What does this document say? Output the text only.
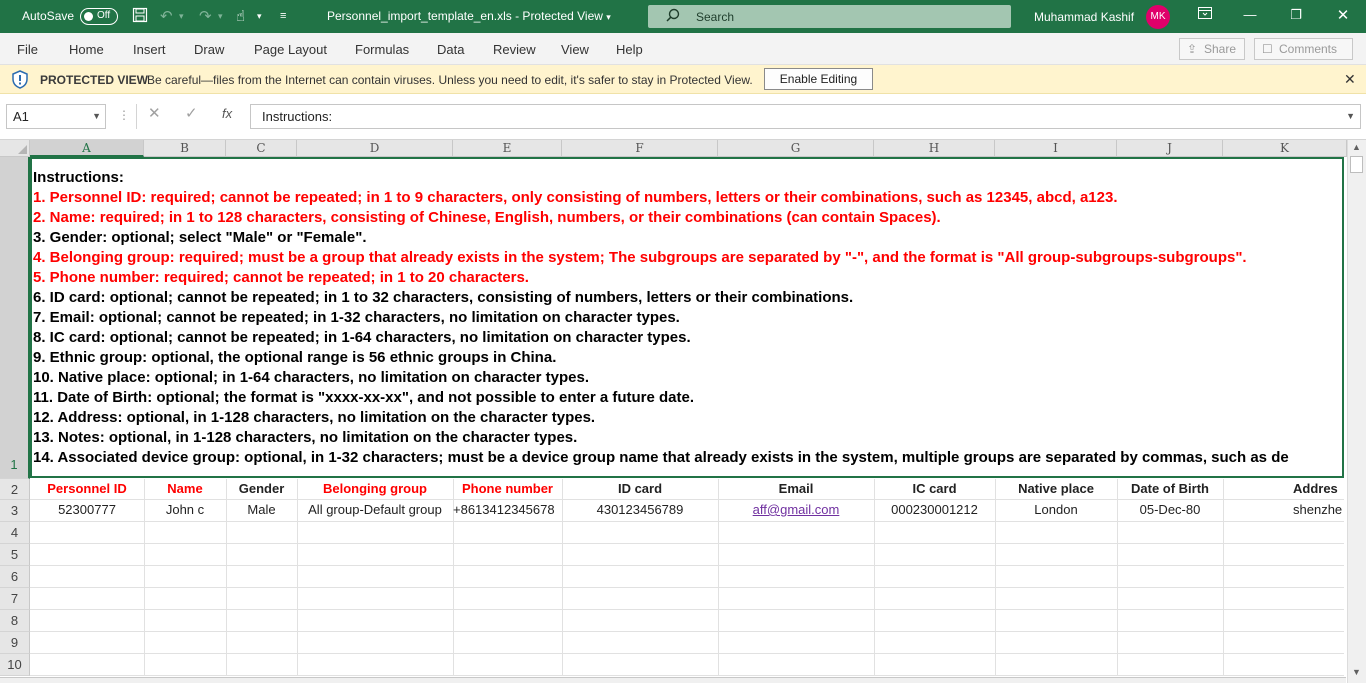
AutoSave Off	↶ ▾ ↷ ▾ ☝ ▾ ≡	Personnel_import_template_en.xls - Protected View ▾	Search	Muhammad Kashif	MK	—	❐ ✕
File Home Insert Draw Page Layout Formulas Data Review View Help	⇪ Share	☐ Comments
PROTECTED VIEW
Be careful—files from the Internet can contain viruses. Unless you need to edit, it's safer to stay in Protected View.	Enable Editing	✕
A1	▼ ⋮ ✕ ✓ fx	Instructions:	▼
A	B	C	D	E	F	G	H	I	J	K
1
2
3
4
5
6
7
8
9
10
Instructions:
1. Personnel ID: required; cannot be repeated; in 1 to 9 characters, only consisting of numbers, letters or their combinations, such as 12345, abcd, a123.
2. Name: required; in 1 to 128 characters, consisting of Chinese, English, numbers, or their combinations (can contain Spaces).
3. Gender: optional; select "Male" or "Female".
4. Belonging group: required; must be a group that already exists in the system; The subgroups are separated by "-", and the format is "All group-subgroups-subgroups".
5. Phone number: required; cannot be repeated; in 1 to 20 characters.
6. ID card: optional; cannot be repeated; in 1 to 32 characters, consisting of numbers, letters or their combinations.
7. Email: optional; cannot be repeated; in 1-32 characters, no limitation on character types.
8. IC card: optional; cannot be repeated; in 1-64 characters, no limitation on character types.
9. Ethnic group: optional, the optional range is 56 ethnic groups in China.
10. Native place: optional; in 1-64 characters, no limitation on character types.
11. Date of Birth: optional; the format is "xxxx-xx-xx", and not possible to enter a future date.
12. Address: optional, in 1-128 characters, no limitation on the character types.
13. Notes: optional, in 1-128 characters, no limitation on the character types.
14. Associated device group: optional, in 1-32 characters; must be a device group name that already exists in the system, multiple groups are separated by commas, such as de
Personnel ID	Name	Gender	Belonging group	Phone number	ID card	Email	IC card	Native place	Date of Birth	Addres
52300777	John c	Male	All group-Default group +8613412345678	430123456789	aff@gmail.com	000230001212	London	05-Dec-80	shenzhe
▲
▼
